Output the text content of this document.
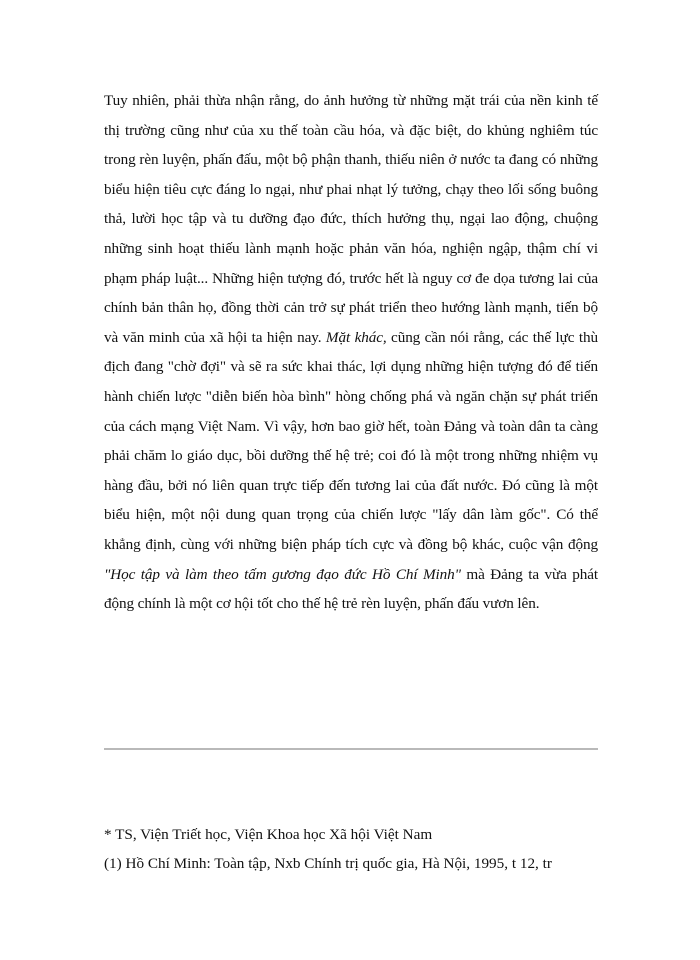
Tuy nhiên, phải thừa nhận rằng, do ảnh hưởng từ những mặt trái của nền kinh tế thị trường cũng như của xu thế toàn cầu hóa, và đặc biệt, do khủng nghiêm túc trong rèn luyện, phấn đấu, một bộ phận thanh, thiếu niên ở nước ta đang có những biểu hiện tiêu cực đáng lo ngại, như phai nhạt lý tưởng, chạy theo lối sống buông thả, lười học tập và tu dưỡng đạo đức, thích hưởng thụ, ngại lao động, chuộng những sinh hoạt thiếu lành mạnh hoặc phản văn hóa, nghiện ngập, thậm chí vi phạm pháp luật... Những hiện tượng đó, trước hết là nguy cơ đe dọa tương lai của chính bản thân họ, đồng thời cản trở sự phát triển theo hướng lành mạnh, tiến bộ và văn minh của xã hội ta hiện nay. Mặt khác, cũng cần nói rằng, các thế lực thù địch đang "chờ đợi" và sẽ ra sức khai thác, lợi dụng những hiện tượng đó để tiến hành chiến lược "diễn biến hòa bình" hòng chống phá và ngăn chặn sự phát triển của cách mạng Việt Nam. Vì vậy, hơn bao giờ hết, toàn Đảng và toàn dân ta càng phải chăm lo giáo dục, bồi dưỡng thế hệ trẻ; coi đó là một trong những nhiệm vụ hàng đầu, bởi nó liên quan trực tiếp đến tương lai của đất nước. Đó cũng là một biểu hiện, một nội dung quan trọng của chiến lược "lấy dân làm gốc". Có thể khẳng định, cùng với những biện pháp tích cực và đồng bộ khác, cuộc vận động "Học tập và làm theo tấm gương đạo đức Hồ Chí Minh" mà Đảng ta vừa phát động chính là một cơ hội tốt cho thế hệ trẻ rèn luyện, phấn đấu vươn lên.

* TS, Viện Triết học, Viện Khoa học Xã hội Việt Nam
(1) Hồ Chí Minh: Toàn tập, Nxb Chính trị quốc gia, Hà Nội, 1995, t 12, tr
